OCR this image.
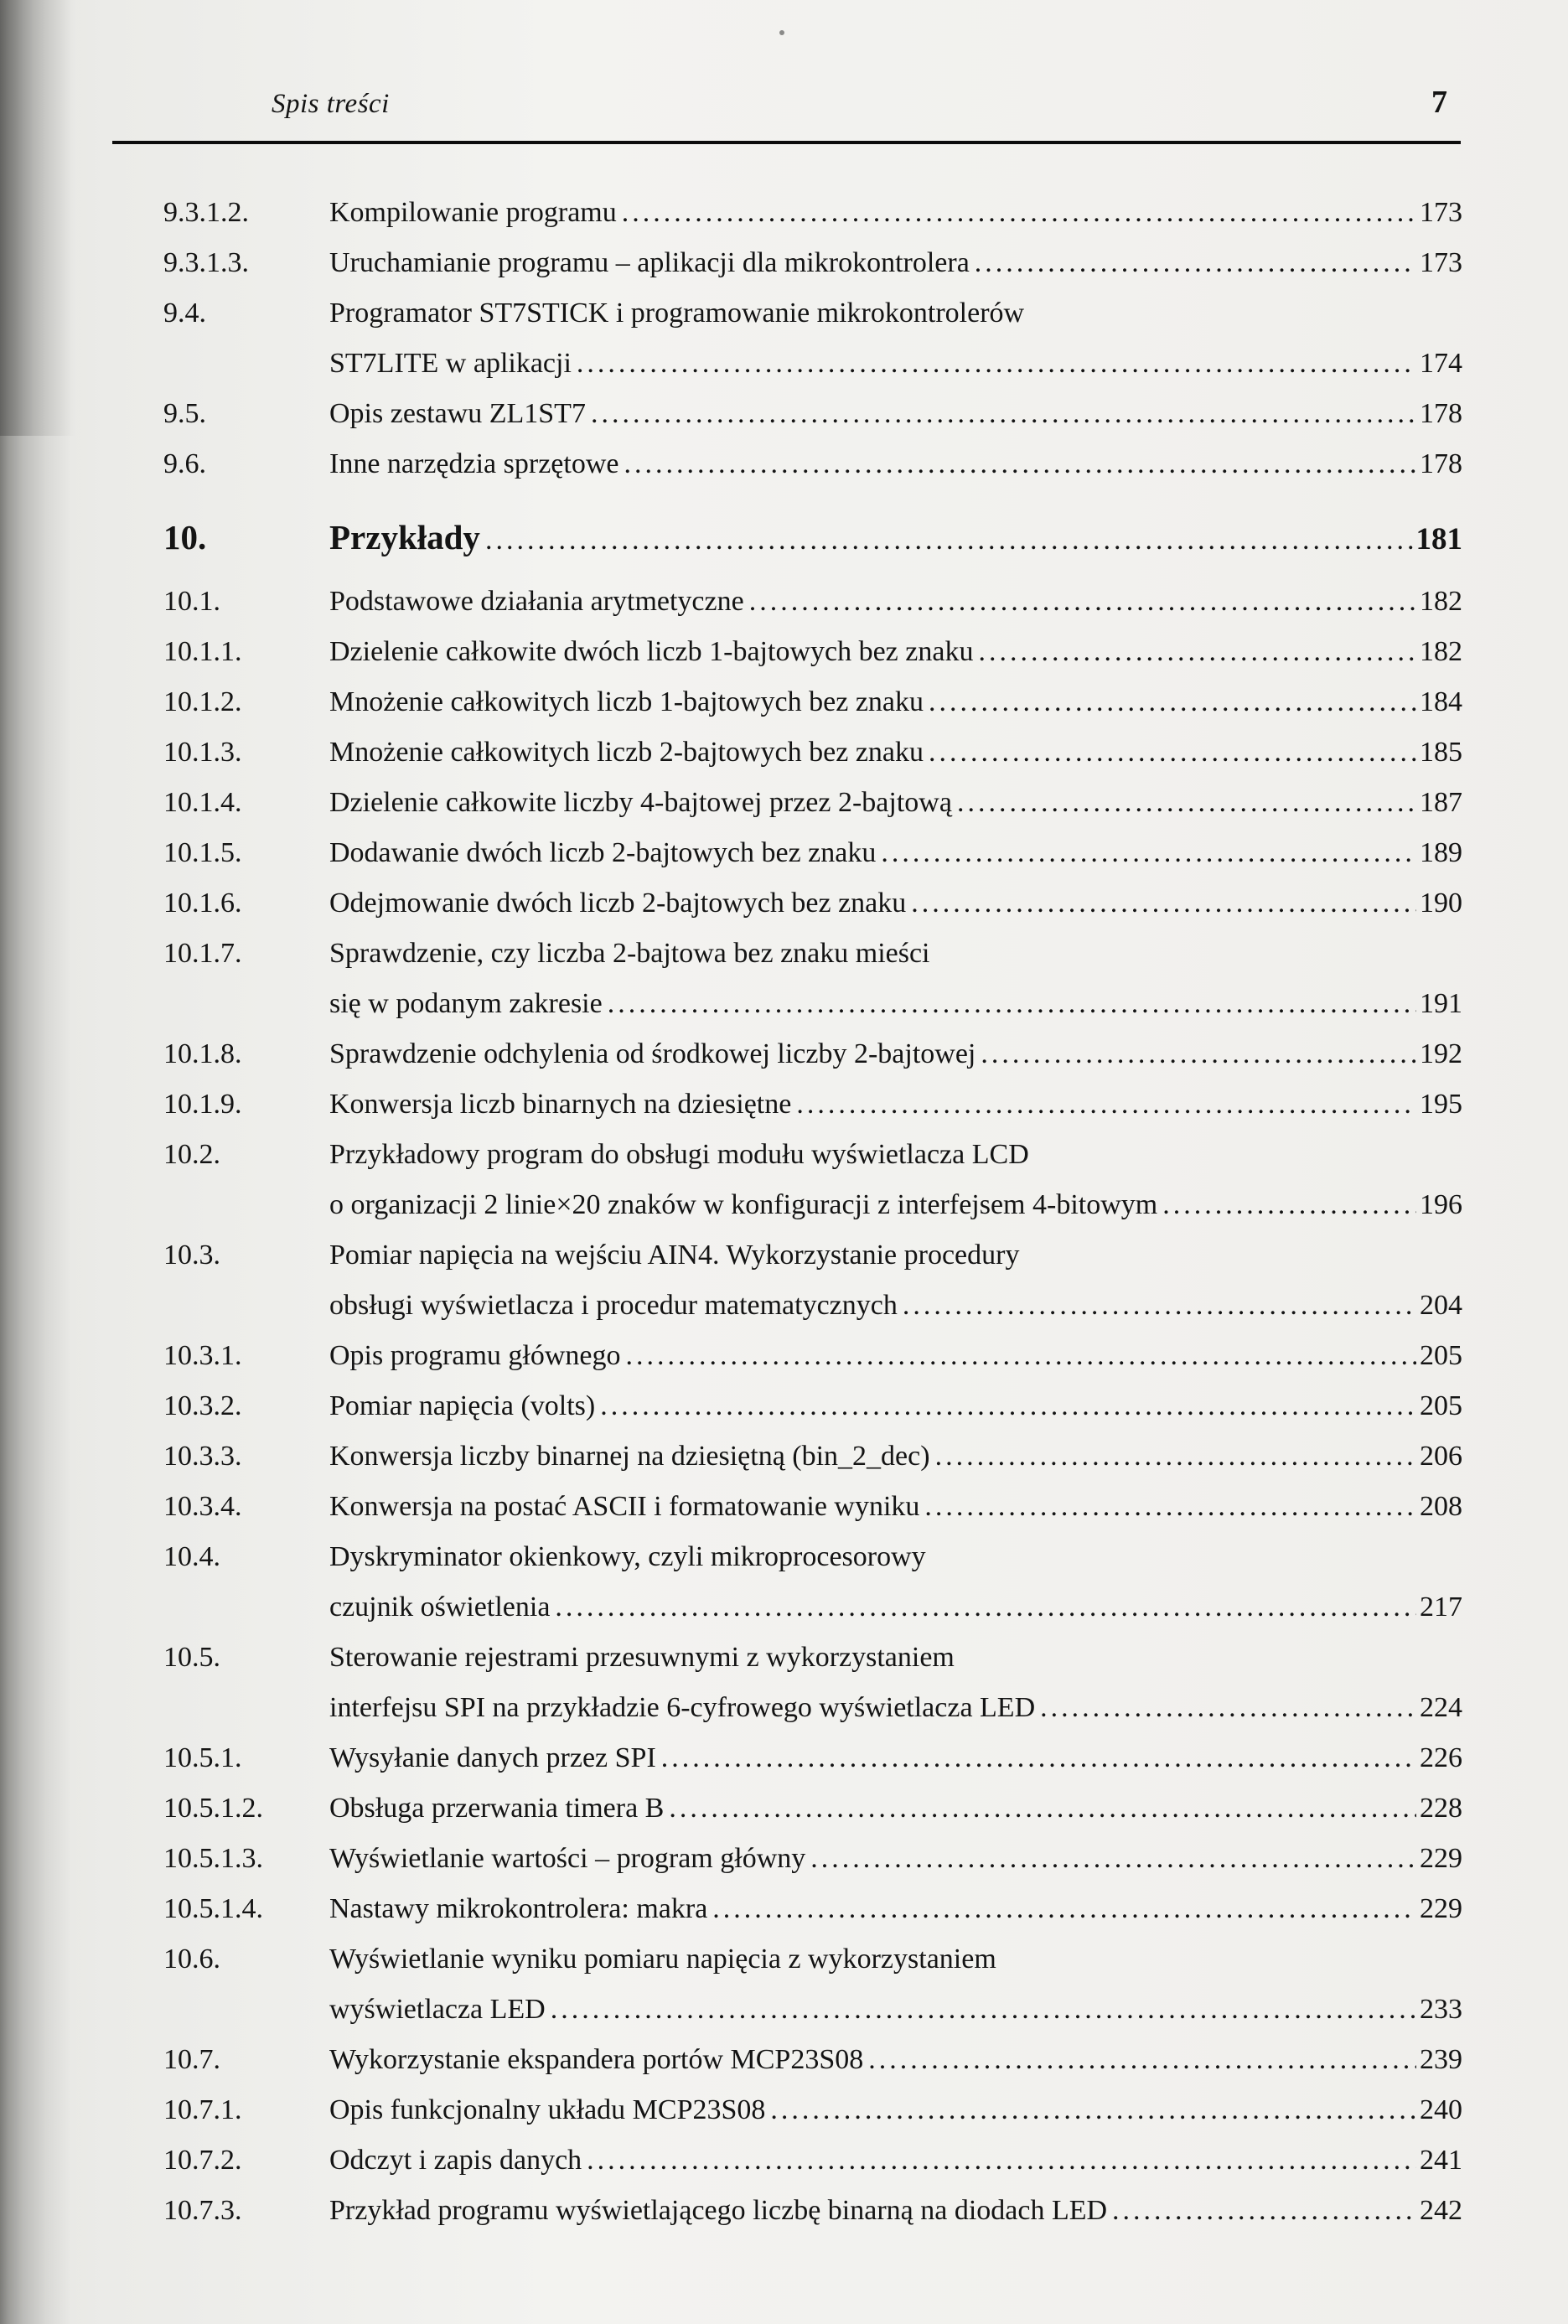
Spis treści	7
9.3.1.2.	Kompilowanie programu .....	173
9.3.1.3.	Uruchamianie programu – aplikacji dla mikrokontrolera .....	173
9.4.	Programator ST7STICK i programowanie mikrokontrolerów
ST7LITE w aplikacji .....	174
9.5.	Opis zestawu ZL1ST7 .....	178
9.6.	Inne narzędzia sprzętowe .....	178
10.	Przykłady .....	181
10.1.	Podstawowe działania arytmetyczne .....	182
10.1.1.	Dzielenie całkowite dwóch liczb 1-bajtowych bez znaku .....	182
10.1.2.	Mnożenie całkowitych liczb 1-bajtowych bez znaku .....	184
10.1.3.	Mnożenie całkowitych liczb 2-bajtowych bez znaku .....	185
10.1.4.	Dzielenie całkowite liczby 4-bajtowej przez 2-bajtową .....	187
10.1.5.	Dodawanie dwóch liczb 2-bajtowych bez znaku .....	189
10.1.6.	Odejmowanie dwóch liczb 2-bajtowych bez znaku .....	190
10.1.7.	Sprawdzenie, czy liczba 2-bajtowa bez znaku mieści
się w podanym zakresie .....	191
10.1.8.	Sprawdzenie odchylenia od środkowej liczby 2-bajtowej .....	192
10.1.9.	Konwersja liczb binarnych na dziesiętne .....	195
10.2.	Przykładowy program do obsługi modułu wyświetlacza LCD
o organizacji 2 linie×20 znaków w konfiguracji z interfejsem 4-bitowym .....	196
10.3.	Pomiar napięcia na wejściu AIN4. Wykorzystanie procedury
obsługi wyświetlacza i procedur matematycznych .....	204
10.3.1.	Opis programu głównego .....	205
10.3.2.	Pomiar napięcia (volts) .....	205
10.3.3.	Konwersja liczby binarnej na dziesiętną (bin_2_dec) .....	206
10.3.4.	Konwersja na postać ASCII i formatowanie wyniku .....	208
10.4.	Dyskryminator okienkowy, czyli mikroprocesorowy
czujnik oświetlenia .....	217
10.5.	Sterowanie rejestrami przesuwnymi z wykorzystaniem
interfejsu SPI na przykładzie 6-cyfrowego wyświetlacza LED .....	224
10.5.1.	Wysyłanie danych przez SPI .....	226
10.5.1.2.	Obsługa przerwania timera B .....	228
10.5.1.3.	Wyświetlanie wartości – program główny .....	229
10.5.1.4.	Nastawy mikrokontrolera: makra .....	229
10.6.	Wyświetlanie wyniku pomiaru napięcia z wykorzystaniem
wyświetlacza LED .....	233
10.7.	Wykorzystanie ekspandera portów MCP23S08 .....	239
10.7.1.	Opis funkcjonalny układu MCP23S08 .....	240
10.7.2.	Odczyt i zapis danych .....	241
10.7.3.	Przykład programu wyświetlającego liczbę binarną na diodach LED .....	242
